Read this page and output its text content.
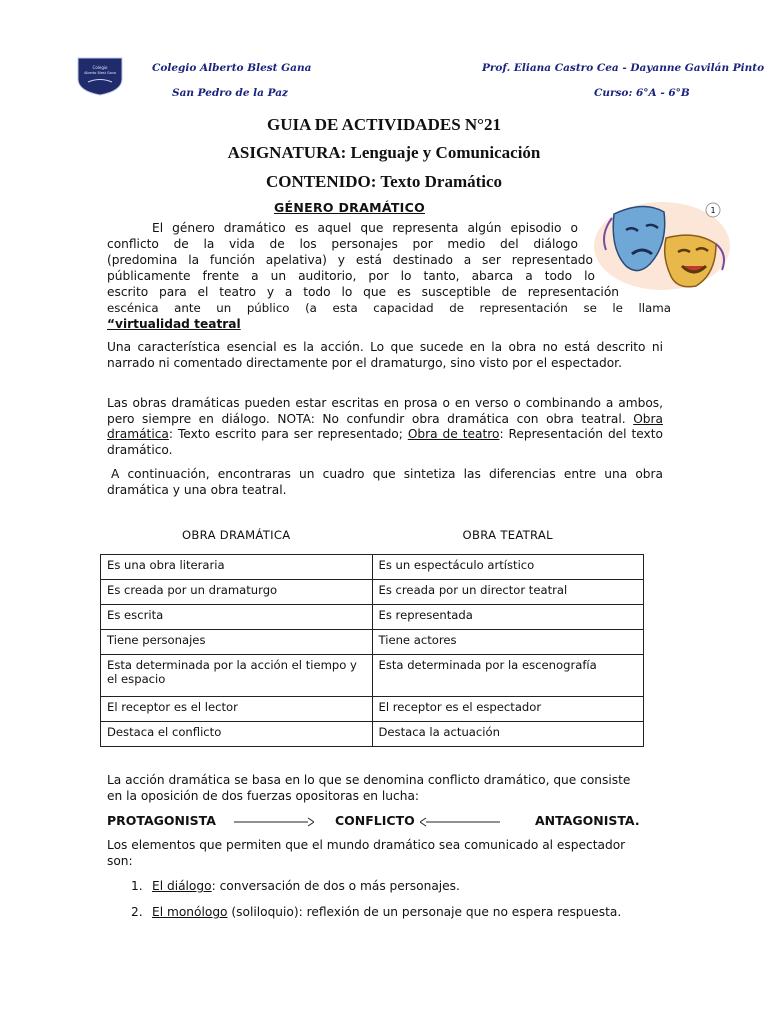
Colegio
Alberto Blest Gana	Colegio Alberto Blest Gana
San Pedro de la Paz
Prof. Eliana Castro Cea - Dayanne Gavilán Pinto
Curso: 6°A - 6°B
GUIA DE ACTIVIDADES N°21
ASIGNATURA: Lenguaje y Comunicación
CONTENIDO: Texto Dramático
GÉNERO DRAMÁTICO	1
El género dramático es aquel que representa algún episodio o
conflicto de la vida de los personajes por medio del diálogo
(predomina la función apelativa) y está destinado a ser representado
públicamente frente a un auditorio, por lo tanto, abarca a todo lo
escrito para el teatro y a todo lo que es susceptible de representación
escénica ante un público (a esta capacidad de representación se le llama
“virtualidad teatral
Una característica esencial es la acción. Lo que sucede en la obra no está descrito ni narrado ni comentado directamente por el dramaturgo, sino visto por el espectador.
Las obras dramáticas pueden estar escritas en prosa o en verso o combinando a ambos, pero siempre en diálogo. NOTA: No confundir obra dramática con obra teatral. Obra dramática: Texto escrito para ser representado; Obra de teatro: Representación del texto dramático.
A continuación, encontraras un cuadro que sintetiza las diferencias entre una obra dramática y una obra teatral.
OBRA DRAMÁTICA	OBRA TEATRAL
Es una obra literaria	Es un espectáculo artístico
Es creada por un dramaturgo	Es creada por un director teatral
Es escrita	Es representada
Tiene personajes	Tiene actores
Esta determinada por la acción el tiempo y el espacio	Esta determinada por la escenografía
El receptor es el lector	El receptor es el espectador
Destaca el conflicto	Destaca la actuación
La acción dramática se basa en lo que se denomina conflicto dramático, que consiste en la oposición de dos fuerzas opositoras en lucha:
PROTAGONISTA	CONFLICTO	ANTAGONISTA.
Los elementos que permiten que el mundo dramático sea comunicado al espectador son:
1. El diálogo: conversación de dos o más personajes.
2. El monólogo (soliloquio): reflexión de un personaje que no espera respuesta.
